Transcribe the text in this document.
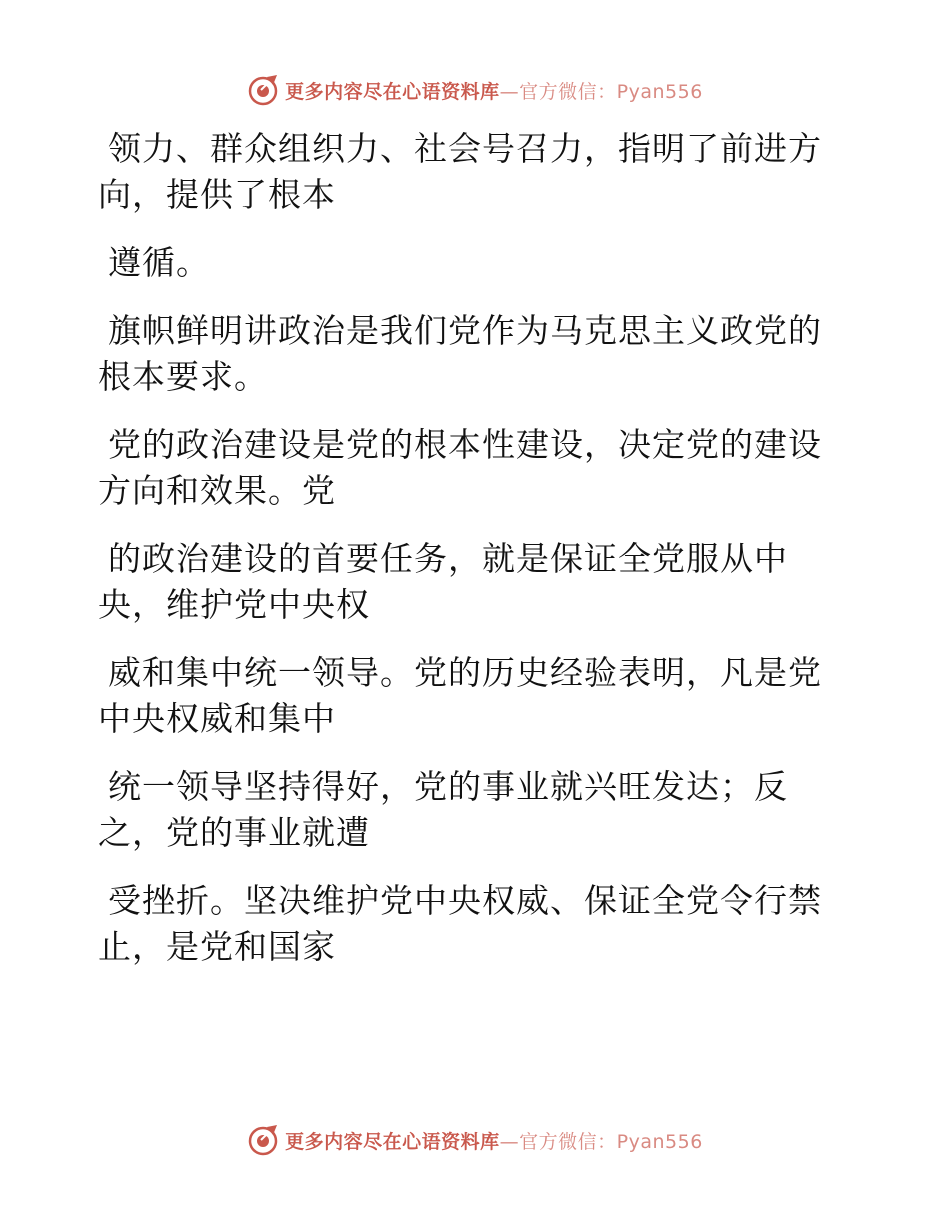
更多内容尽在心语资料库—官方微信：Pyan556

领力、群众组织力、社会号召力，指明了前进方
向，提供了根本

遵循。

旗帜鲜明讲政治是我们党作为马克思主义政党的
根本要求。

党的政治建设是党的根本性建设，决定党的建设
方向和效果。党

的政治建设的首要任务，就是保证全党服从中
央，维护党中央权

威和集中统一领导。党的历史经验表明，凡是党
中央权威和集中

统一领导坚持得好，党的事业就兴旺发达；反
之，党的事业就遭

受挫折。坚决维护党中央权威、保证全党令行禁
止，是党和国家

更多内容尽在心语资料库—官方微信：Pyan556
